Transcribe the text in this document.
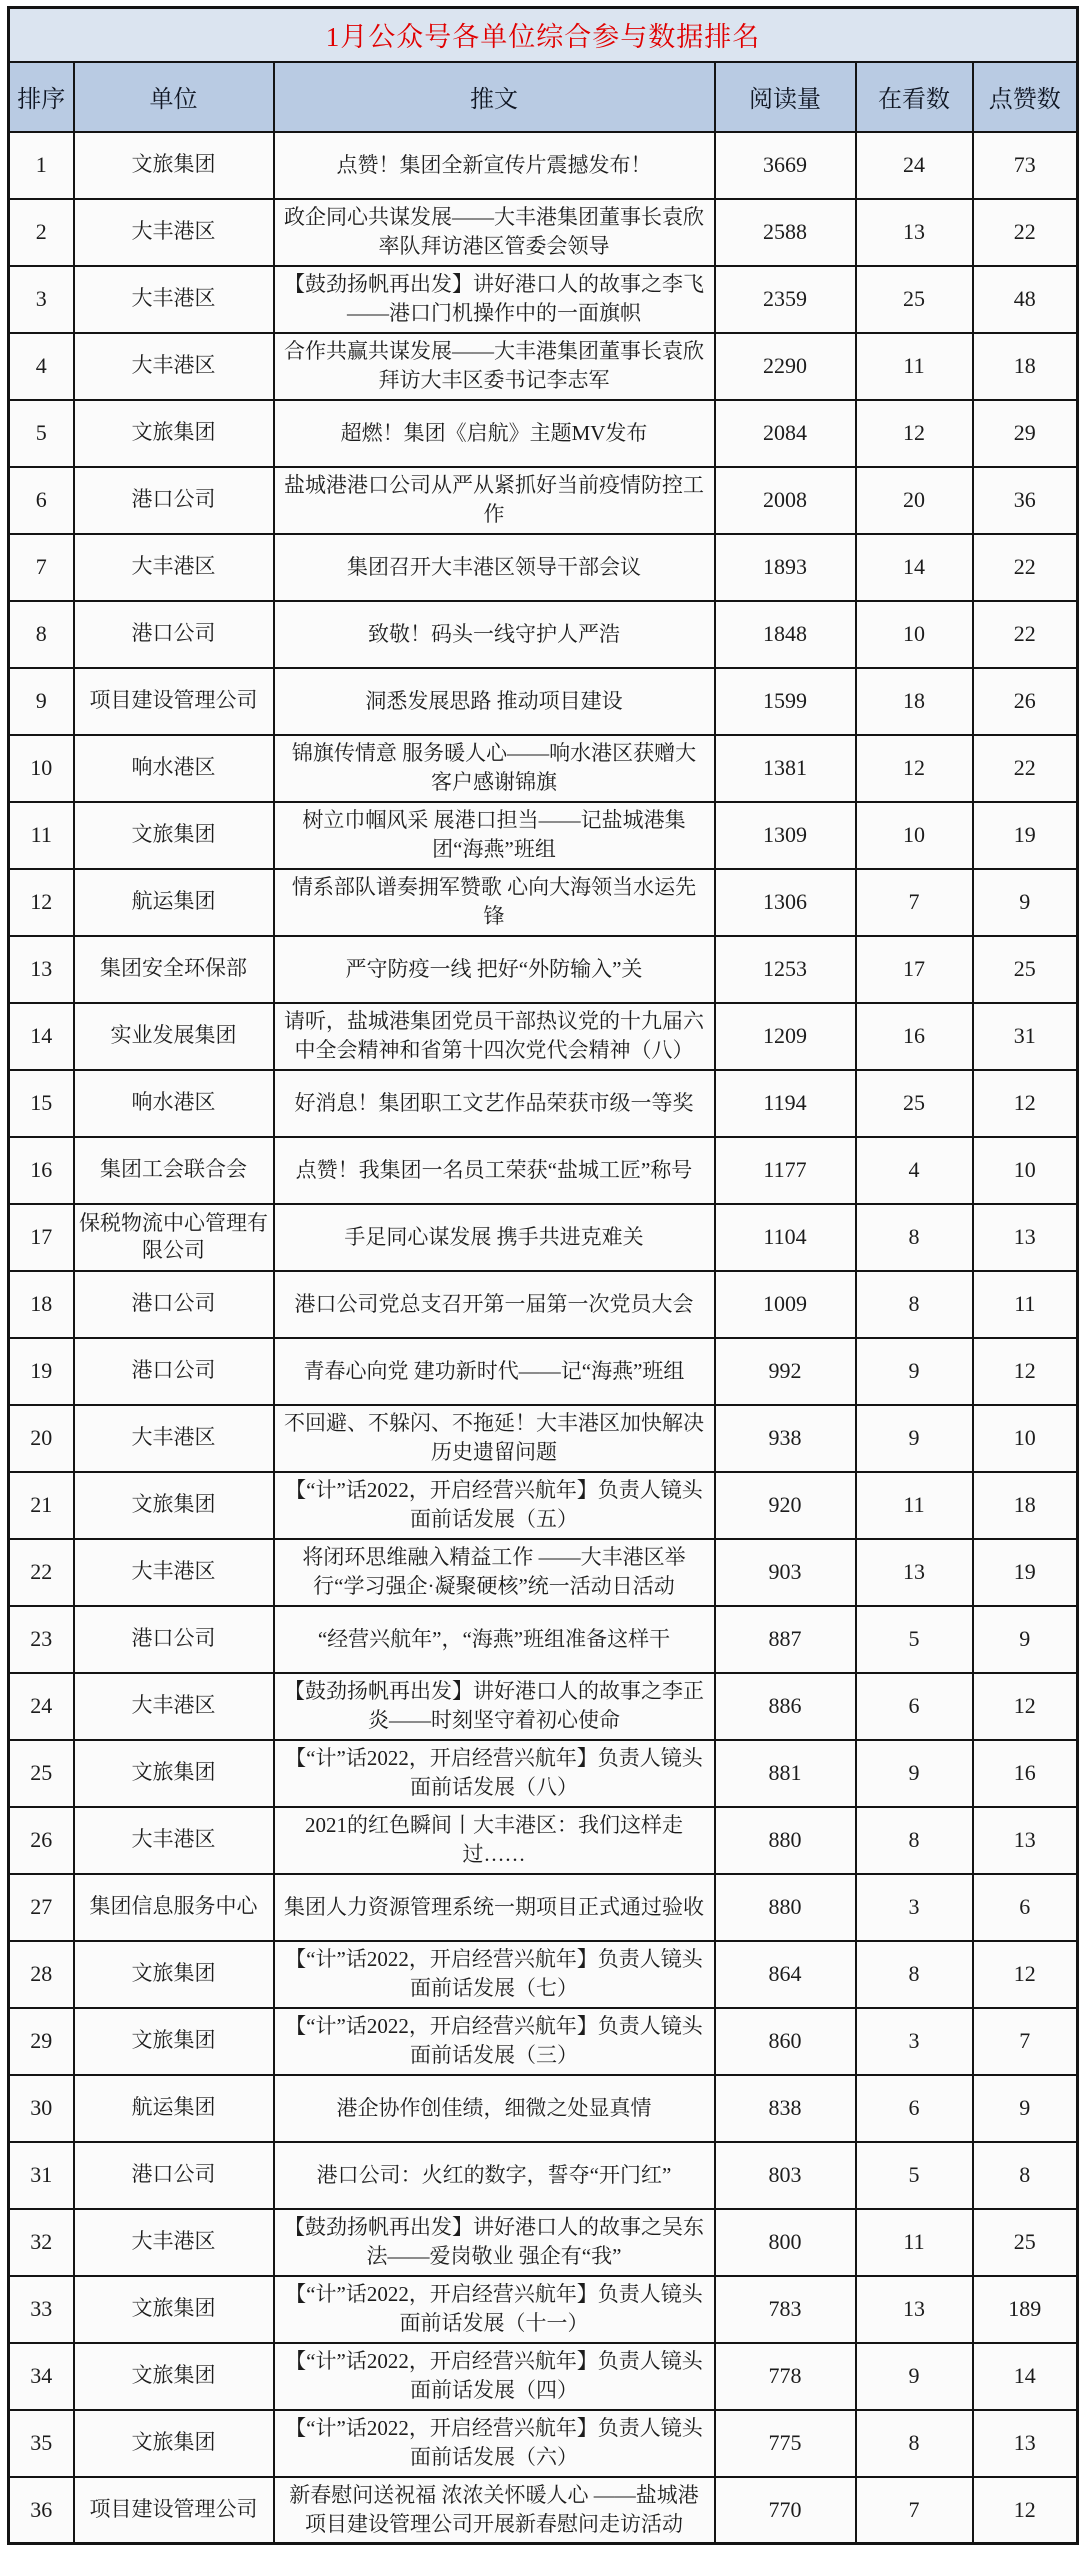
1月公众号各单位综合参与数据排名					
排序	单位	推文	阅读量	在看数	点赞数
1	文旅集团	点赞！集团全新宣传片震撼发布！	3669	24	73
2	大丰港区	政企同心共谋发展——大丰港集团董事长袁欣率队拜访港区管委会领导	2588	13	22
3	大丰港区	【鼓劲扬帆再出发】讲好港口人的故事之李飞——港口门机操作中的一面旗帜	2359	25	48
4	大丰港区	合作共赢共谋发展——大丰港集团董事长袁欣拜访大丰区委书记李志军	2290	11	18
5	文旅集团	超燃！集团《启航》主题MV发布	2084	12	29
6	港口公司	盐城港港口公司从严从紧抓好当前疫情防控工作	2008	20	36
7	大丰港区	集团召开大丰港区领导干部会议	1893	14	22
8	港口公司	致敬！码头一线守护人严浩	1848	10	22
9	项目建设管理公司	洞悉发展思路 推动项目建设	1599	18	26
10	响水港区	锦旗传情意 服务暖人心——响水港区获赠大客户感谢锦旗	1381	12	22
11	文旅集团	树立巾帼风采 展港口担当——记盐城港集团“海燕”班组	1309	10	19
12	航运集团	情系部队谱奏拥军赞歌 心向大海领当水运先锋	1306	7	9
13	集团安全环保部	严守防疫一线 把好“外防输入”关	1253	17	25
14	实业发展集团	请听，盐城港集团党员干部热议党的十九届六中全会精神和省第十四次党代会精神（八）	1209	16	31
15	响水港区	好消息！集团职工文艺作品荣获市级一等奖	1194	25	12
16	集团工会联合会	点赞！我集团一名员工荣获“盐城工匠”称号	1177	4	10
17	保税物流中心管理有限公司	手足同心谋发展 携手共进克难关	1104	8	13
18	港口公司	港口公司党总支召开第一届第一次党员大会	1009	8	11
19	港口公司	青春心向党 建功新时代——记“海燕”班组	992	9	12
20	大丰港区	不回避、不躲闪、不拖延！大丰港区加快解决历史遗留问题	938	9	10
21	文旅集团	【“计”话2022，开启经营兴航年】负责人镜头面前话发展（五）	920	11	18
22	大丰港区	将闭环思维融入精益工作 ——大丰港区举行“学习强企·凝聚硬核”统一活动日活动	903	13	19
23	港口公司	“经营兴航年”，“海燕”班组准备这样干	887	5	9
24	大丰港区	【鼓劲扬帆再出发】讲好港口人的故事之李正炎——时刻坚守着初心使命	886	6	12
25	文旅集团	【“计”话2022，开启经营兴航年】负责人镜头面前话发展（八）	881	9	16
26	大丰港区	2021的红色瞬间丨大丰港区：我们这样走过……	880	8	13
27	集团信息服务中心	集团人力资源管理系统一期项目正式通过验收	880	3	6
28	文旅集团	【“计”话2022，开启经营兴航年】负责人镜头面前话发展（七）	864	8	12
29	文旅集团	【“计”话2022，开启经营兴航年】负责人镜头面前话发展（三）	860	3	7
30	航运集团	港企协作创佳绩，细微之处显真情	838	6	9
31	港口公司	港口公司：火红的数字，誓夺“开门红”	803	5	8
32	大丰港区	【鼓劲扬帆再出发】讲好港口人的故事之吴东法——爱岗敬业 强企有“我”	800	11	25
33	文旅集团	【“计”话2022，开启经营兴航年】负责人镜头面前话发展（十一）	783	13	189
34	文旅集团	【“计”话2022，开启经营兴航年】负责人镜头面前话发展（四）	778	9	14
35	文旅集团	【“计”话2022，开启经营兴航年】负责人镜头面前话发展（六）	775	8	13
36	项目建设管理公司	新春慰问送祝福 浓浓关怀暖人心 ——盐城港项目建设管理公司开展新春慰问走访活动	770	7	12
